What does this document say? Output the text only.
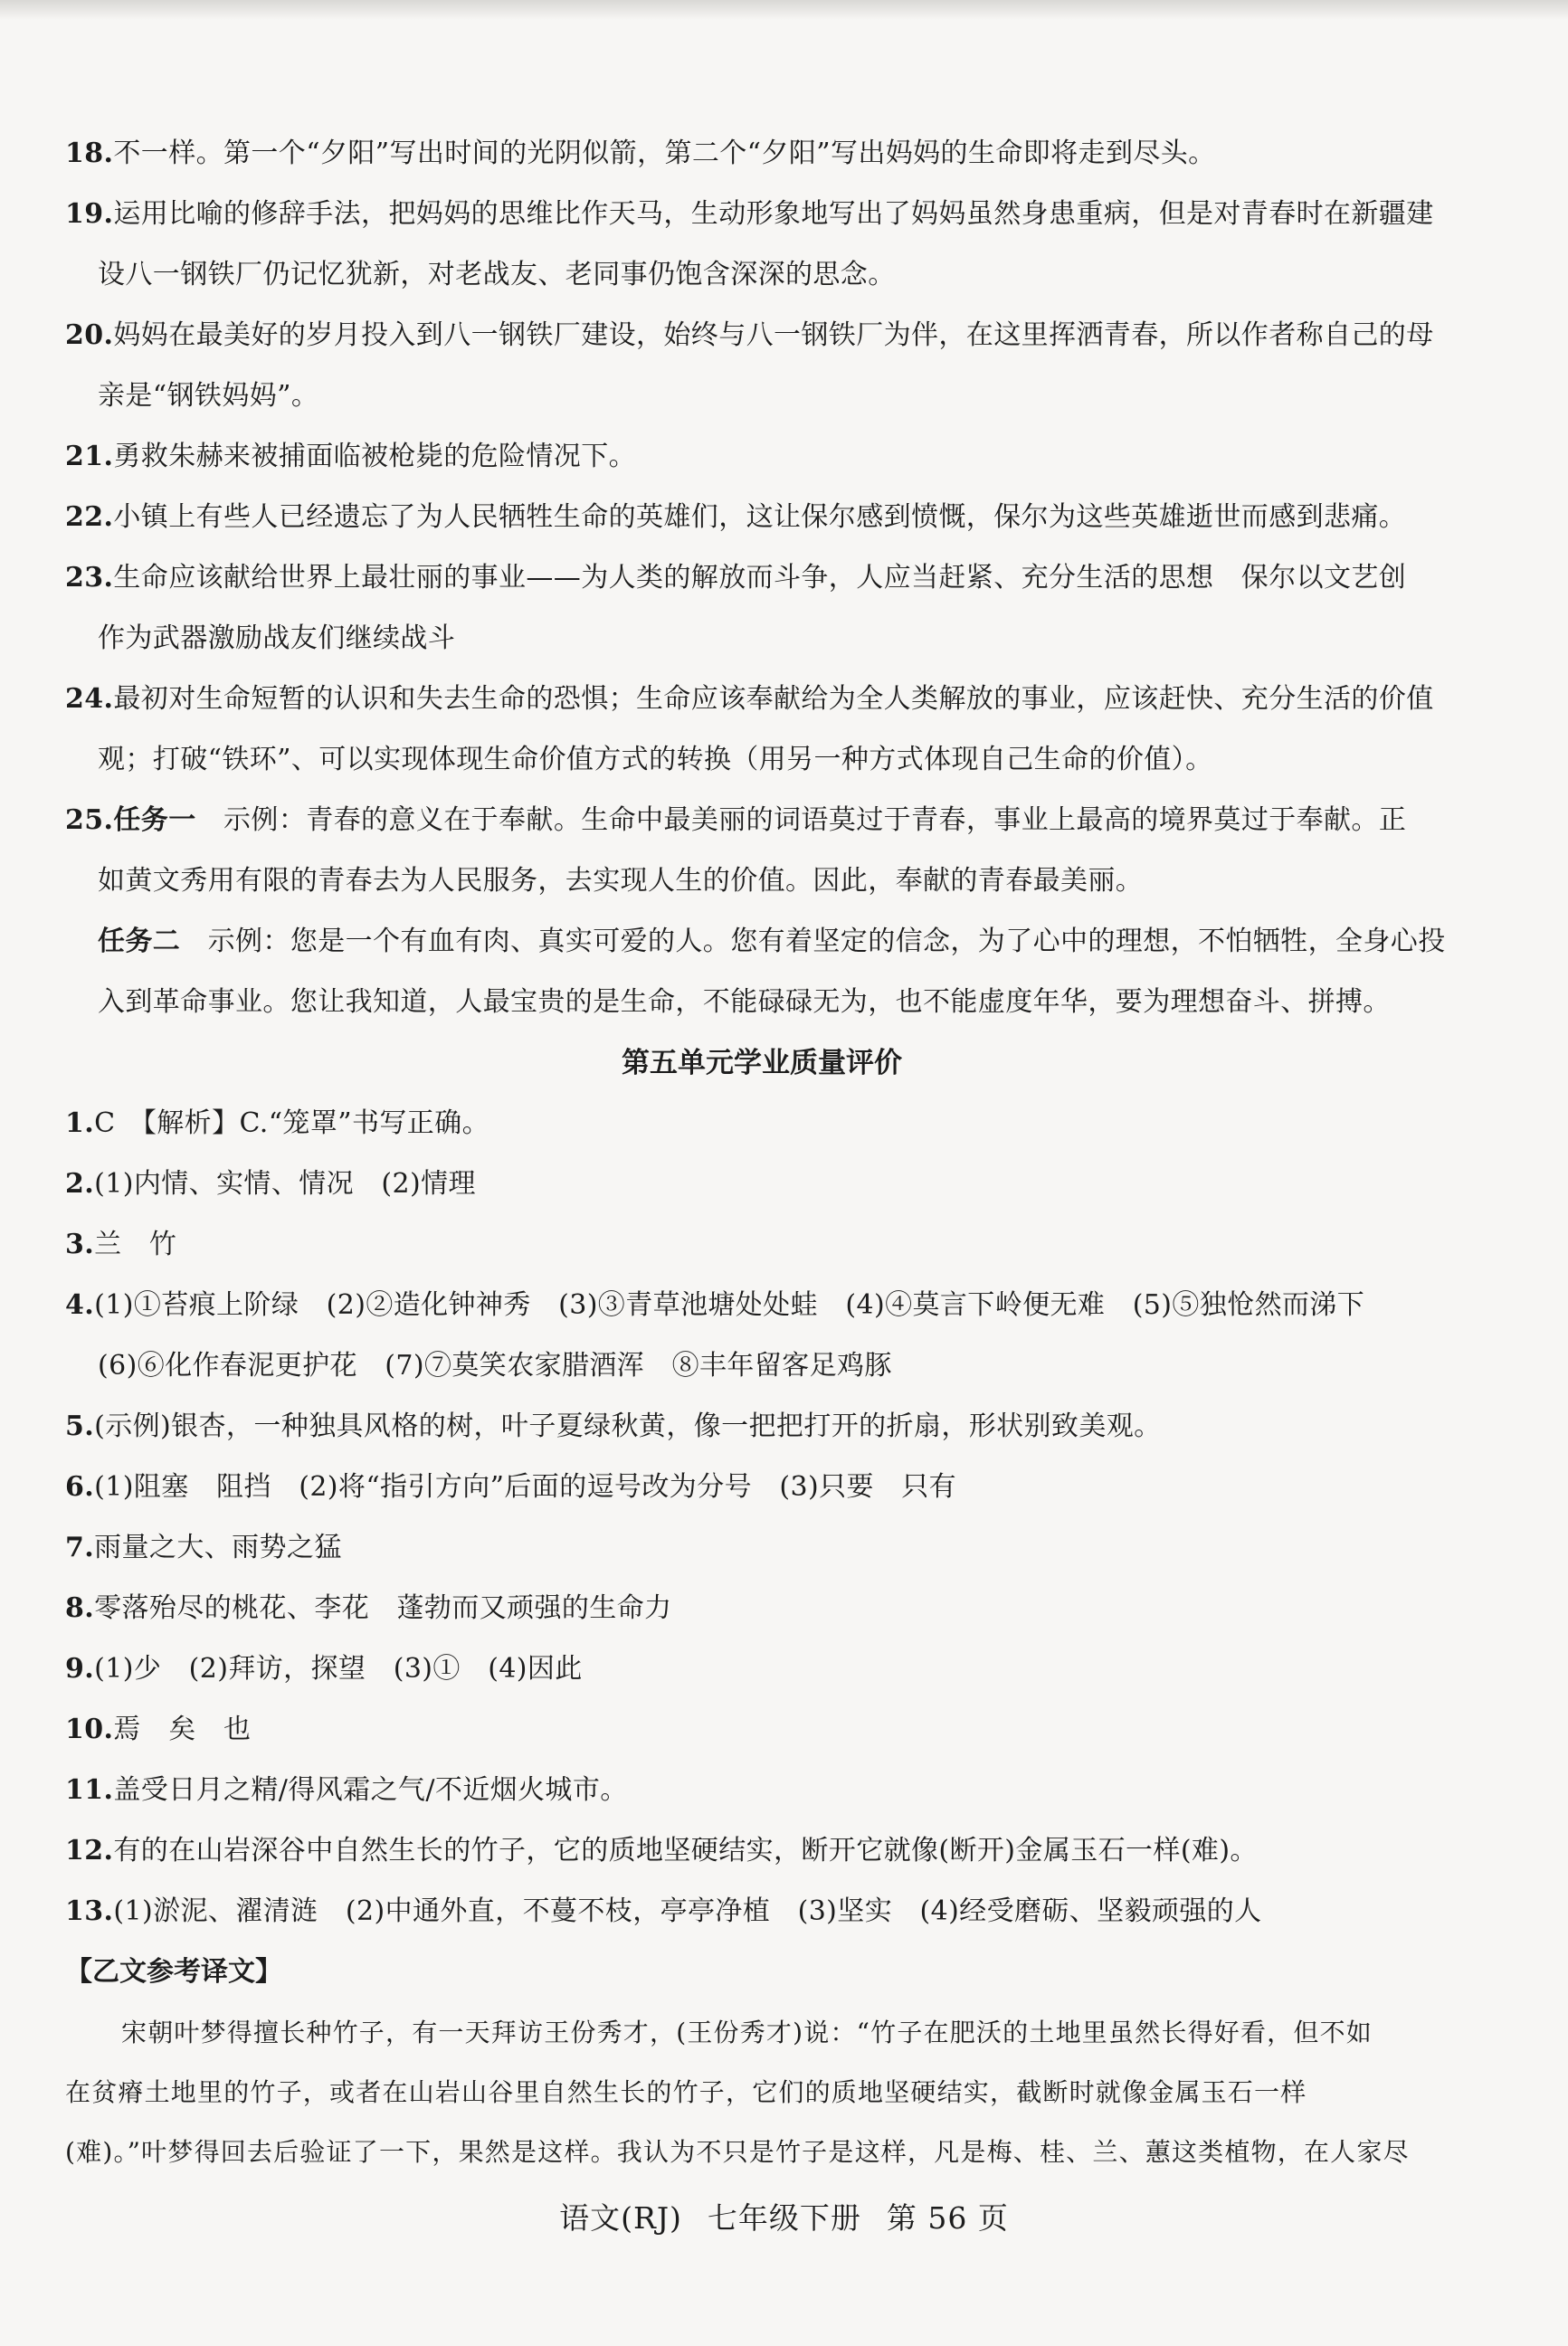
18.不一样。第一个“夕阳”写出时间的光阴似箭，第二个“夕阳”写出妈妈的生命即将走到尽头。
19.运用比喻的修辞手法，把妈妈的思维比作天马，生动形象地写出了妈妈虽然身患重病，但是对青春时在新疆建
设八一钢铁厂仍记忆犹新，对老战友、老同事仍饱含深深的思念。
20.妈妈在最美好的岁月投入到八一钢铁厂建设，始终与八一钢铁厂为伴，在这里挥洒青春，所以作者称自己的母
亲是“钢铁妈妈”。
21.勇救朱赫来被捕面临被枪毙的危险情况下。
22.小镇上有些人已经遗忘了为人民牺牲生命的英雄们，这让保尔感到愤慨，保尔为这些英雄逝世而感到悲痛。
23.生命应该献给世界上最壮丽的事业——为人类的解放而斗争，人应当赶紧、充分生活的思想　保尔以文艺创
作为武器激励战友们继续战斗
24.最初对生命短暂的认识和失去生命的恐惧；生命应该奉献给为全人类解放的事业，应该赶快、充分生活的价值
观；打破“铁环”、可以实现体现生命价值方式的转换（用另一种方式体现自己生命的价值）。
25.任务一　 示例：青春的意义在于奉献。生命中最美丽的词语莫过于青春，事业上最高的境界莫过于奉献。正
如黄文秀用有限的青春去为人民服务，去实现人生的价值。因此，奉献的青春最美丽。
任务二　 示例：您是一个有血有肉、真实可爱的人。您有着坚定的信念，为了心中的理想，不怕牺牲，全身心投
入到革命事业。您让我知道，人最宝贵的是生命，不能碌碌无为，也不能虚度年华，要为理想奋斗、拼搏。
第五单元学业质量评价
1.C　【解析】C.“笼罩”书写正确。
2.(1)内情、实情、情况　(2)情理
3.兰　竹
4.(1)①苔痕上阶绿　(2)②造化钟神秀　(3)③青草池塘处处蛙　(4)④莫言下岭便无难　(5)⑤独怆然而涕下
(6)⑥化作春泥更护花　(7)⑦莫笑农家腊酒浑　⑧丰年留客足鸡豚
5.(示例)银杏，一种独具风格的树，叶子夏绿秋黄，像一把把打开的折扇，形状别致美观。
6.(1)阻塞　阻挡　(2)将“指引方向”后面的逗号改为分号　(3)只要　只有
7.雨量之大、雨势之猛
8.零落殆尽的桃花、李花　蓬勃而又顽强的生命力
9.(1)少　(2)拜访，探望　(3)①　(4)因此
10.焉　矣　也
11.盖受日月之精/得风霜之气/不近烟火城市。
12.有的在山岩深谷中自然生长的竹子，它的质地坚硬结实，断开它就像(断开)金属玉石一样(难)。
13.(1)淤泥、濯清涟　(2)中通外直，不蔓不枝，亭亭净植　(3)坚实　(4)经受磨砺、坚毅顽强的人
【乙文参考译文】
宋朝叶梦得擅长种竹子，有一天拜访王份秀才，(王份秀才)说：“竹子在肥沃的土地里虽然长得好看，但不如
在贫瘠土地里的竹子，或者在山岩山谷里自然生长的竹子，它们的质地坚硬结实，截断时就像金属玉石一样
(难)。”叶梦得回去后验证了一下，果然是这样。我认为不只是竹子是这样，凡是梅、桂、兰、蕙这类植物，在人家尽
语文(RJ) 七年级下册 第 56 页
